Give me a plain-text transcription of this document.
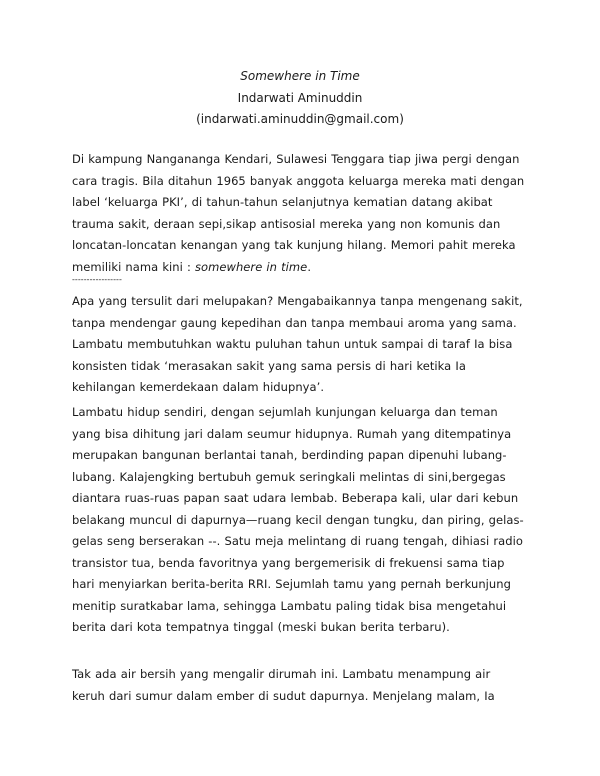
Somewhere in Time
Indarwati Aminuddin
(indarwati.aminuddin@gmail.com)
Di kampung Nangananga Kendari, Sulawesi Tenggara tiap jiwa pergi dengan
cara tragis. Bila ditahun 1965 banyak anggota keluarga mereka mati dengan
label ‘keluarga PKI’, di tahun-tahun selanjutnya kematian datang akibat
trauma sakit, deraan sepi,sikap antisosial mereka yang non komunis dan
loncatan-loncatan kenangan yang tak kunjung hilang. Memori pahit mereka
memiliki nama kini : somewhere in time.
-----------------
Apa yang tersulit dari melupakan? Mengabaikannya tanpa mengenang sakit,
tanpa mendengar gaung kepedihan dan tanpa membaui aroma yang sama.
Lambatu membutuhkan waktu puluhan tahun untuk sampai di taraf Ia bisa
konsisten tidak ‘merasakan sakit yang sama persis di hari ketika Ia
kehilangan kemerdekaan dalam hidupnya’.
Lambatu hidup sendiri, dengan sejumlah kunjungan keluarga dan teman
yang bisa dihitung jari dalam seumur hidupnya. Rumah yang ditempatinya
merupakan bangunan berlantai tanah, berdinding papan dipenuhi lubang-
lubang. Kalajengking bertubuh gemuk seringkali melintas di sini,bergegas
diantara ruas-ruas papan saat udara lembab. Beberapa kali, ular dari kebun
belakang muncul di dapurnya—ruang kecil dengan tungku, dan piring, gelas-
gelas seng berserakan --. Satu meja melintang di ruang tengah, dihiasi radio
transistor tua, benda favoritnya yang bergemerisik di frekuensi sama tiap
hari menyiarkan berita-berita RRI. Sejumlah tamu yang pernah berkunjung
menitip suratkabar lama, sehingga Lambatu paling tidak bisa mengetahui
berita dari kota tempatnya tinggal (meski bukan berita terbaru).
Tak ada air bersih yang mengalir dirumah ini. Lambatu menampung air
keruh dari sumur dalam ember di sudut dapurnya. Menjelang malam, Ia
